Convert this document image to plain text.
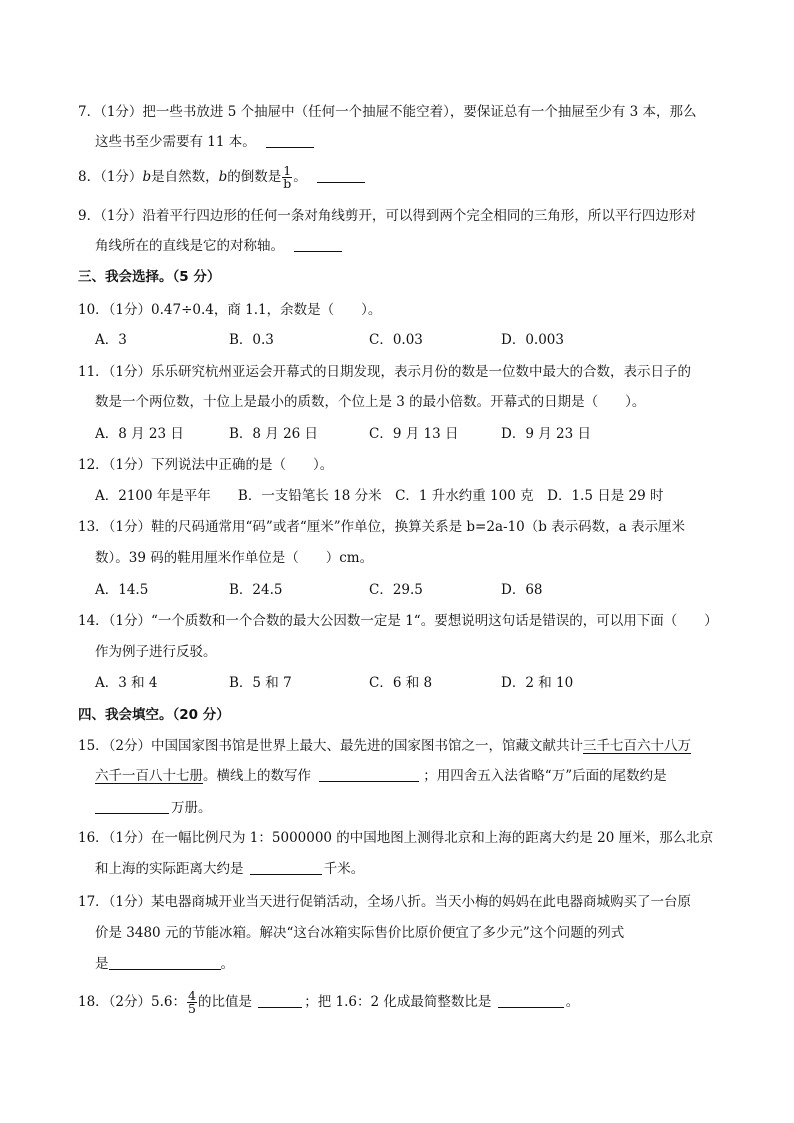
7．（1分）把一些书放进 5 个抽屉中（任何一个抽屉不能空着），要保证总有一个抽屉至少有 3 本，那么
这些书至少需要有 11 本。
8．（1分）b是自然数，b的倒数是 $\frac{1}{b}$ 。
9．（1分）沿着平行四边形的任何一条对角线剪开，可以得到两个完全相同的三角形，所以平行四边形对
角线所在的直线是它的对称轴。
三、我会选择。（5 分）
10．（1分）0.47÷0.4，商 1.1，余数是（　　）。
A．3	B．0.3	C．0.03	D．0.003
11．（1分）乐乐研究杭州亚运会开幕式的日期发现，表示月份的数是一位数中最大的合数，表示日子的
数是一个两位数，十位上是最小的质数，个位上是 3 的最小倍数。开幕式的日期是（　　）。
A．8 月 23 日	B．8 月 26 日	C．9 月 13 日	D．9 月 23 日
12．（1分）下列说法中正确的是（　　）。
A．2100 年是平年　　B．一支铅笔长 18 分米　C．1 升水约重 100 克　D．1.5 日是 29 时
13．（1分）鞋的尺码通常用“码”或者“厘米”作单位，换算关系是 b=2a-10（b 表示码数，a 表示厘米
数）。39 码的鞋用厘米作单位是（　　）cm。
A．14.5	B．24.5	C．29.5	D．68
14．（1分）“一个质数和一个合数的最大公因数一定是 1“。要想说明这句话是错误的，可以用下面（　　）
作为例子进行反驳。
A．3 和 4	B．5 和 7	C．6 和 8	D．2 和 10
四、我会填空。（20 分）
15．（2分）中国国家图书馆是世界上最大、最先进的国家图书馆之一，馆藏文献共计三千七百六十八万
六千一百八十七册。横线上的数写作	；用四舍五入法省略“万”后面的尾数约是
万册。
16．（1分）在一幅比例尺为 1：5000000 的中国地图上测得北京和上海的距离大约是 20 厘米，那么北京
和上海的实际距离大约是	千米。
17．（1分）某电器商城开业当天进行促销活动，全场八折。当天小梅的妈妈在此电器商城购买了一台原
价是 3480 元的节能冰箱。解决“这台冰箱实际售价比原价便宜了多少元”这个问题的列式
是	。
18．（2分）5.6： $\frac{4}{5}$ 的比值是	；把 1.6：2 化成最简整数比是	。
